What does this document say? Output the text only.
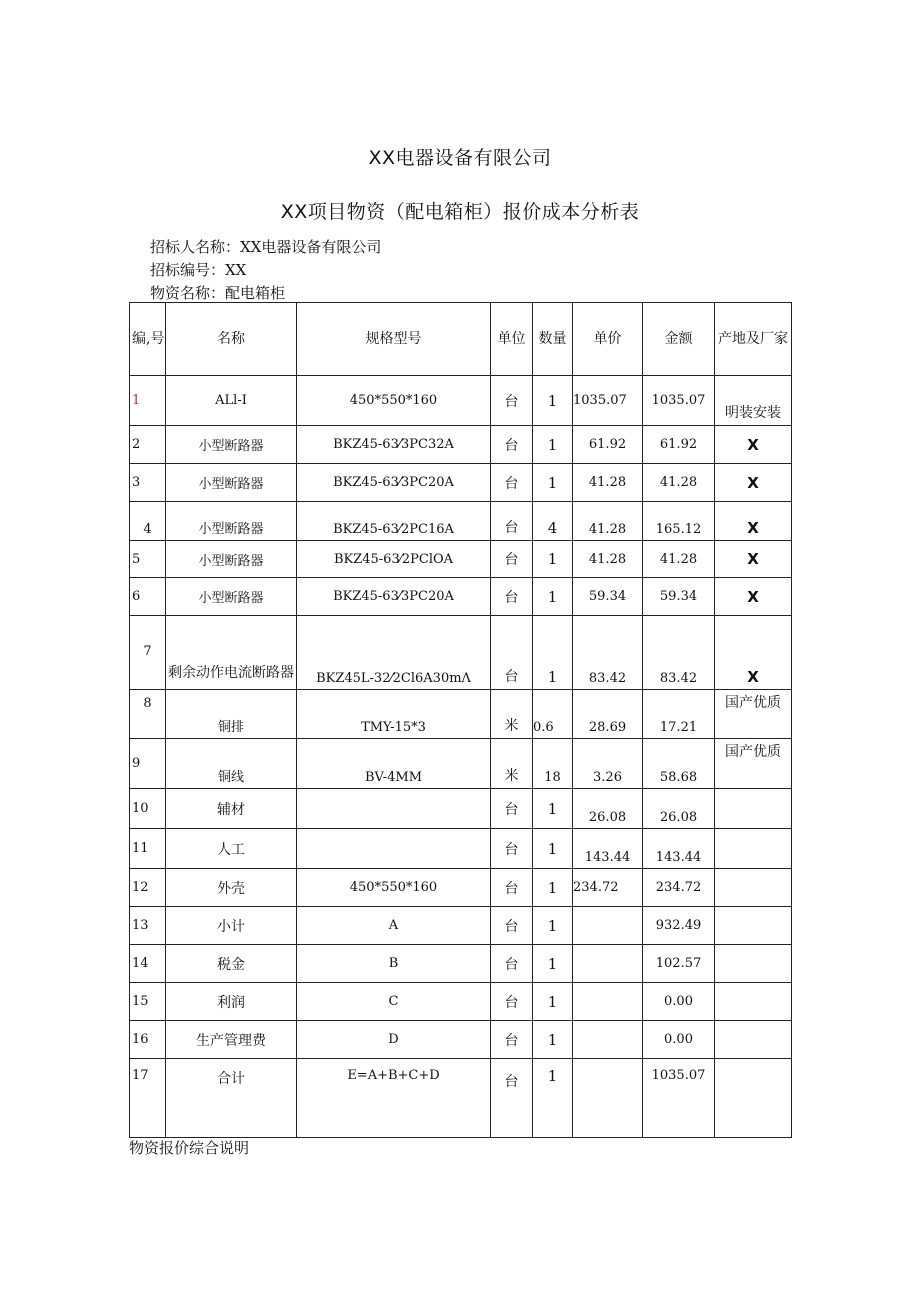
XX电器设备有限公司
XX项目物资（配电箱柜）报价成本分析表
招标人名称：XX电器设备有限公司
招标编号：XX
物资名称：配电箱柜
编,号	名称	规格型号	单位	数量	单价	金额	产地及厂家
1	ALl-I	450*550*160	台	1	1035.07	1035.07	明装安装
2	小型断路器	BKZ45-63⁄3PC32A	台	1	61.92	61.92	X
3	小型断路器	BKZ45-63⁄3PC20A	台	1	41.28	41.28	X
4	小型断路器	BKZ45-63⁄2PC16A	台	4	41.28	165.12	X
5	小型断路器	BKZ45-63⁄2PClOA	台	1	41.28	41.28	X
6	小型断路器	BKZ45-63⁄3PC20A	台	1	59.34	59.34	X
7	剩余动作电流断路器	BKZ45L-32⁄2Cl6A30mΛ	台	1	83.42	83.42	X
8	铜排	TMY-15*3	米	0.6	28.69	17.21	国产优质
9	铜线	BV-4MM	米	18	3.26	58.68	国产优质
10	辅材		台	1	26.08	26.08	
11	人工		台	1	143.44	143.44	
12	外壳	450*550*160	台	1	234.72	234.72	
13	小计	A	台	1		932.49	
14	税金	B	台	1		102.57	
15	利润	C	台	1		0.00	
16	生产管理费	D	台	1		0.00	
17	合计	E=A+B+C+D	台	1		1035.07	
物资报价综合说明
